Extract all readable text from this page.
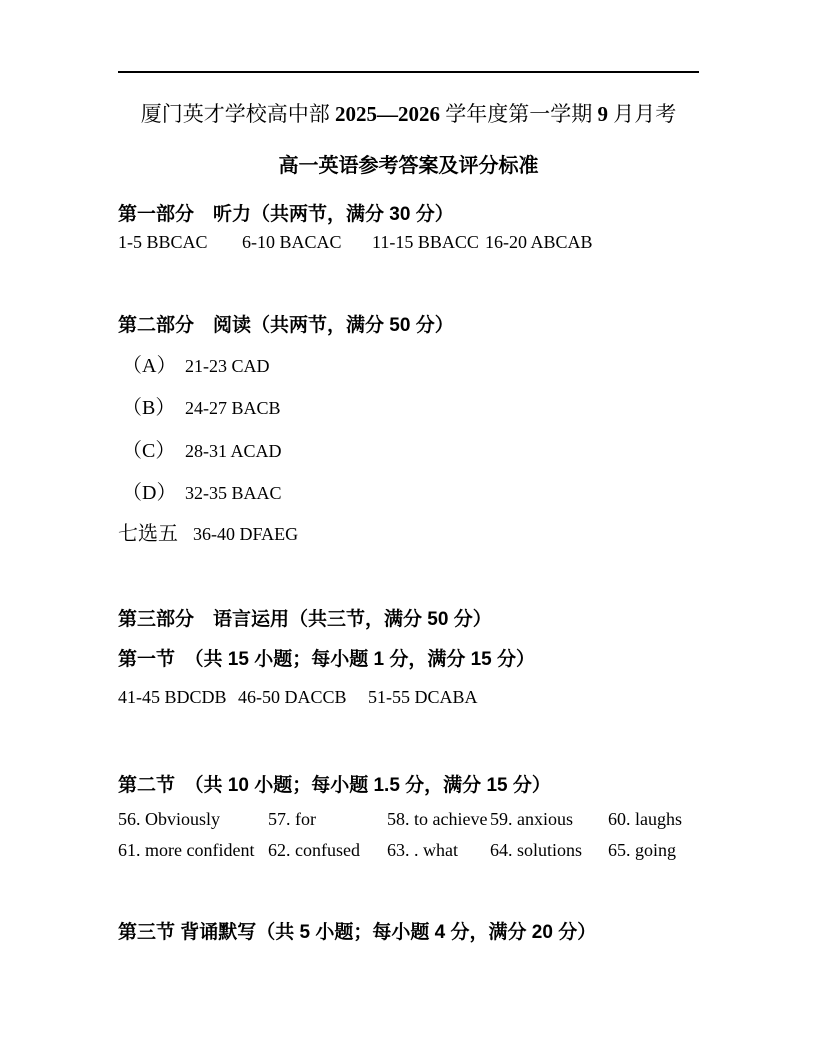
厦门英才学校高中部 2025—2026 学年度第一学期 9 月月考
高一英语参考答案及评分标准
第一部分　听力（共两节，满分 30 分）
1-5 BBCAC 6-10 BACAC 11-15 BBACC 16-20 ABCAB
第二部分　阅读（共两节，满分 50 分）
（A） 21-23 CAD
（B） 24-27 BACB
（C） 28-31 ACAD
（D） 32-35 BAAC
七选五 36-40 DFAEG
第三部分　语言运用（共三节，满分 50 分）
第一节　（共 15 小题；每小题 1 分，满分 15 分）
41-45 BDCDB 46-50 DACCB 51-55 DCABA
第二节　（共 10 小题；每小题 1.5 分，满分 15 分）
56. Obviously	57. for	58. to achieve 59. anxious 60. laughs
61. more confident 62. confused 63. . what 64. solutions 65. going
第三节 背诵默写（共 5 小题；每小题 4 分，满分 20 分）
